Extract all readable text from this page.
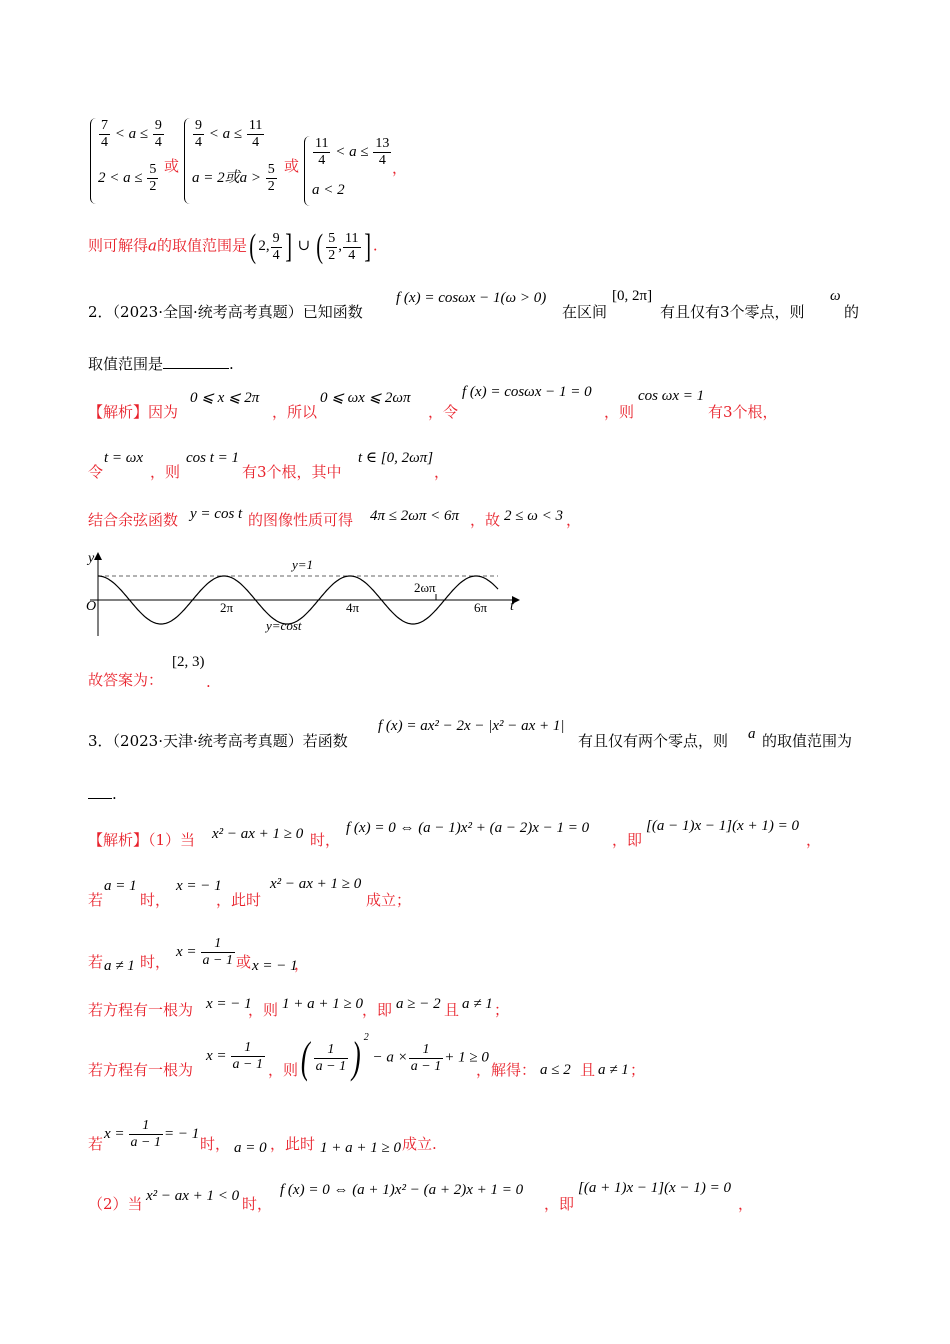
$\frac{7}{4} < a \le \frac{9}{4}$
$2 < a \le \frac{5}{2}$ 或
$\frac{9}{4} < a \le \frac{11}{4}$
a = 2或$a > \frac{5}{2}$ 或 $\frac{11}{4} < a \le \frac{13}{4}$
a < 2
，
则可解得a的取值范围是( 2, $\frac{9}{4}$ ] ∪ ( $\frac{5}{2}$ , $\frac{11}{4}$ ] .
2．（2023·全国·统考高考真题）已知函数
f (x) = cosωx − 1(ω > 0)
在区间
[0, 2π]
有且仅有3个零点，则
ω
的
取值范围是	.
【解析】因为
0 ⩽ x ⩽ 2π
，所以
0 ⩽ ωx ⩽ 2ωπ
，令
f (x) = cosωx − 1 = 0
，则
cos ωx = 1
有3个根，
令
t = ωx
，则
cos t = 1
有3个根，其中
t ∈ [0, 2ωπ]
，
结合余弦函数 y = cos t 的图像性质可得 4π ≤ 2ωπ < 6π ，故 2 ≤ ω < 3 ，
y
t
O
y=1
y=cost
2π	4π	6π
2ωπ
故答案为：
[2, 3)
.
3．（2023·天津·统考高考真题）若函数
f (x) = ax² − 2x − |x² − ax + 1|
有且仅有两个零点，则 a 的取值范围为
.
【解析】（1）当 x² − ax + 1 ≥ 0 时，
f (x) = 0 ⇔ (a − 1)x² + (a − 2)x − 1 = 0
，即
[(a − 1)x − 1](x + 1) = 0
，
若
a = 1
时，
x = − 1
，此时
x² − ax + 1 ≥ 0
成立；
若 a ≠ 1 时，
$x = \frac{1}{a - 1}$ 或 x = − 1
，
若方程有一根为 x = − 1
，则 1 + a + 1 ≥ 0 ，即 a ≥ − 2 且 a ≠ 1 ；
若方程有一根为
$x = \frac{1}{a - 1}$ ，则 ( $\frac{1}{a - 1}$ ) $^2 - a \times \frac{1}{a - 1} + 1 \ge 0$
，解得： a ≤ 2 且 a ≠ 1 ；
若
$x = \frac{1}{a - 1}$ = − 1
时， a = 0 ，此时 1 + a + 1 ≥ 0 成立.
（2）当 x² − ax + 1 < 0 时，
f (x) = 0 ⇔ (a + 1)x² − (a + 2)x + 1 = 0
，即
[(a + 1)x − 1](x − 1) = 0
，
